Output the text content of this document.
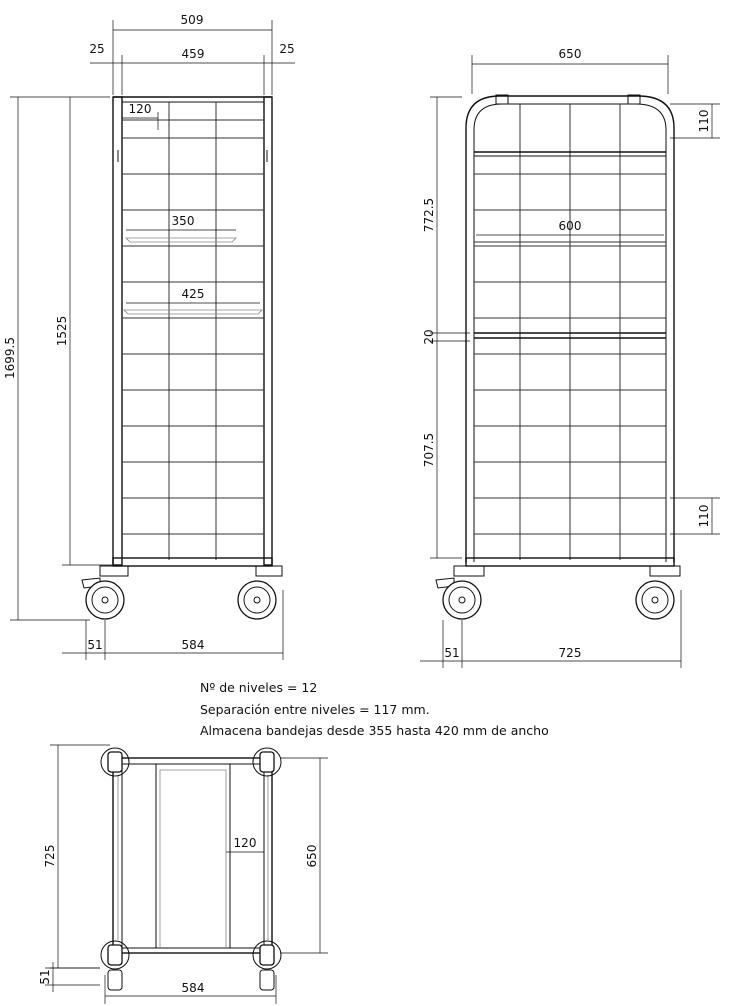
509
459
25	25
120
350
425
1699.5
1525
51	584
650
600
772.5
20
707.5
110
110
51	725
Nº de niveles = 12
Separación entre niveles = 117 mm.
Almacena bandejas desde 355 hasta 420 mm de ancho
725	650
120
51
584
